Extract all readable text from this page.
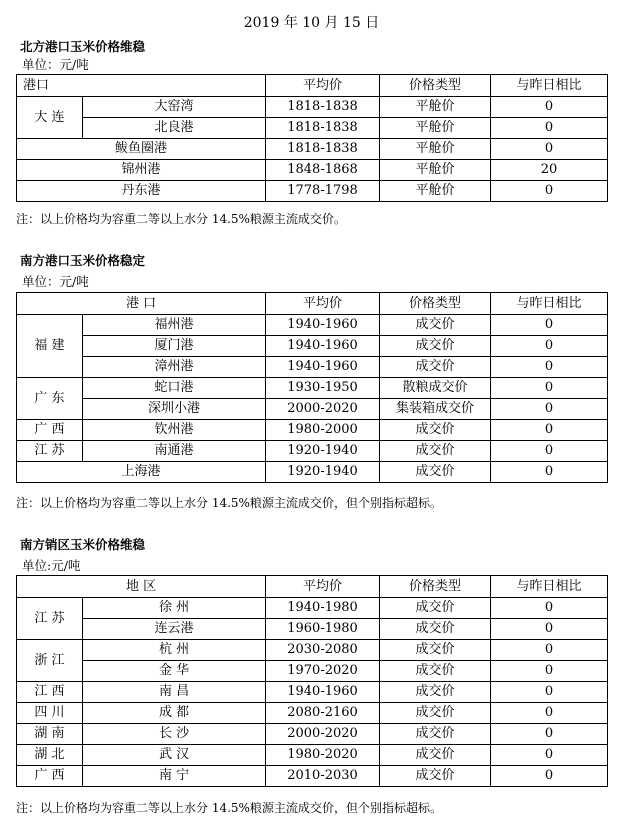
2019 年 10 月 15 日
北方港口玉米价格维稳
单位：元/吨
港口		平均价	价格类型	与昨日相比
大 连	大窑湾	1818-1838	平舱价	0
	北良港	1818-1838	平舱价	0
鲅鱼圈港		1818-1838	平舱价	0
锦州港		1848-1868	平舱价	20
丹东港		1778-1798	平舱价	0
注：以上价格均为容重二等以上水分 14.5%粮源主流成交价。
南方港口玉米价格稳定
单位：元/吨
港 口		平均价	价格类型	与昨日相比
福 建	福州港	1940-1960	成交价	0
	厦门港	1940-1960	成交价	0
	漳州港	1940-1960	成交价	0
广 东	蛇口港	1930-1950	散粮成交价	0
	深圳小港	2000-2020	集装箱成交价	0
广 西	钦州港	1980-2000	成交价	0
江 苏	南通港	1920-1940	成交价	0
上海港		1920-1940	成交价	0
注：以上价格均为容重二等以上水分 14.5%粮源主流成交价，但个别指标超标。
南方销区玉米价格维稳
单位:元/吨
地 区		平均价	价格类型	与昨日相比
江 苏	徐 州	1940-1980	成交价	0
	连云港	1960-1980	成交价	0
浙 江	杭 州	2030-2080	成交价	0
	金 华	1970-2020	成交价	0
江 西	南 昌	1940-1960	成交价	0
四 川	成 都	2080-2160	成交价	0
湖 南	长 沙	2000-2020	成交价	0
湖 北	武 汉	1980-2020	成交价	0
广 西	南 宁	2010-2030	成交价	0
注：以上价格均为容重二等以上水分 14.5%粮源主流成交价，但个别指标超标。
